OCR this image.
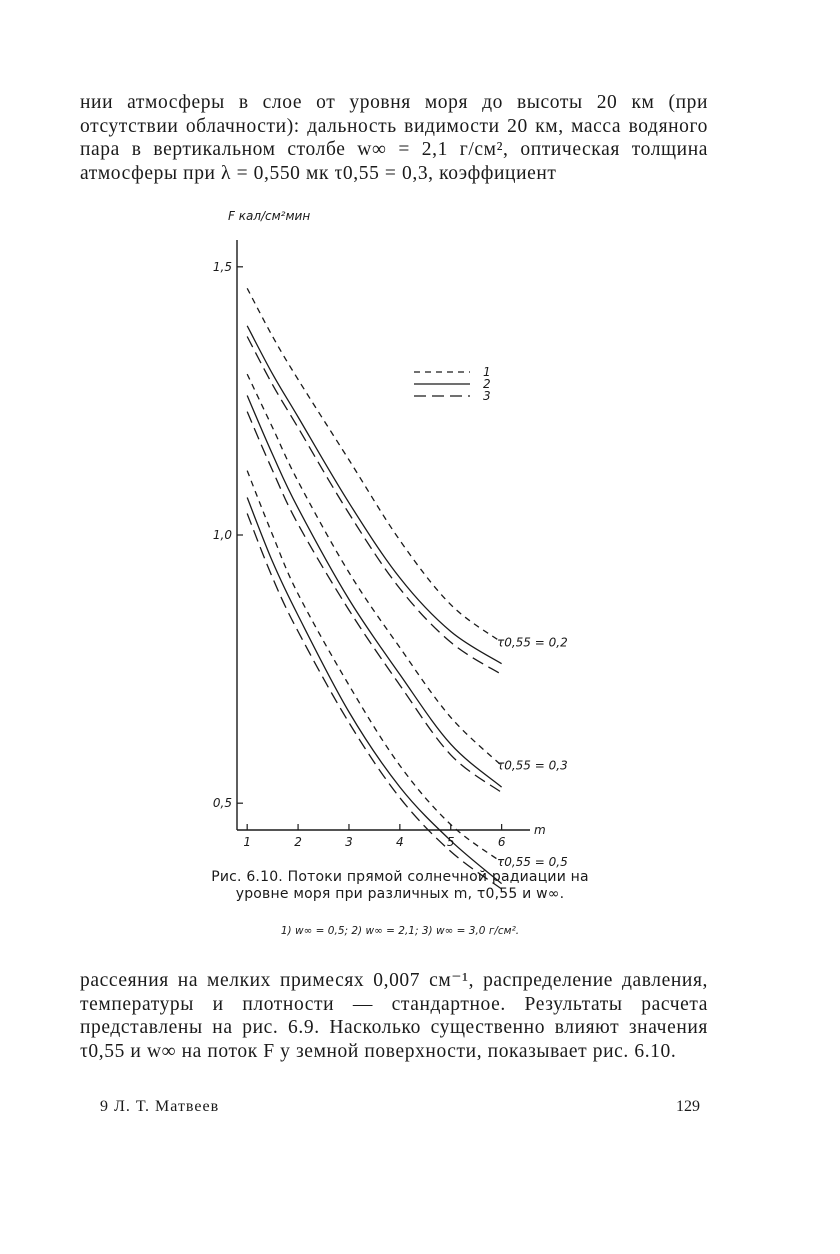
нии атмосферы в слое от уровня моря до высоты 20 км (при отсутствии облачности): дальность видимости 20 км, масса водяного пара в вертикальном столбе w∞ = 2,1 г/см², оптическая толщина атмосферы при λ = 0,550 мк τ0,55 = 0,3, коэффициент

F кал/см²мин
m
1	2	3	4	5	6
0,5
1,0
1,5
1
2
3
τ0,55 = 0,2
τ0,55 = 0,3
τ0,55 = 0,5

Рис. 6.10. Потоки прямой солнечной радиации на уровне моря при различных m, τ0,55 и w∞.

1) w∞ = 0,5; 2) w∞ = 2,1; 3) w∞ = 3,0 г/см².

рассеяния на мелких примесях 0,007 см⁻¹, распределение давления, температуры и плотности — стандартное. Результаты расчета представлены на рис. 6.9. Насколько существенно влияют значения τ0,55 и w∞ на поток F у земной поверхности, показывает рис. 6.10.

9 Л. Т. Матвеев	129
